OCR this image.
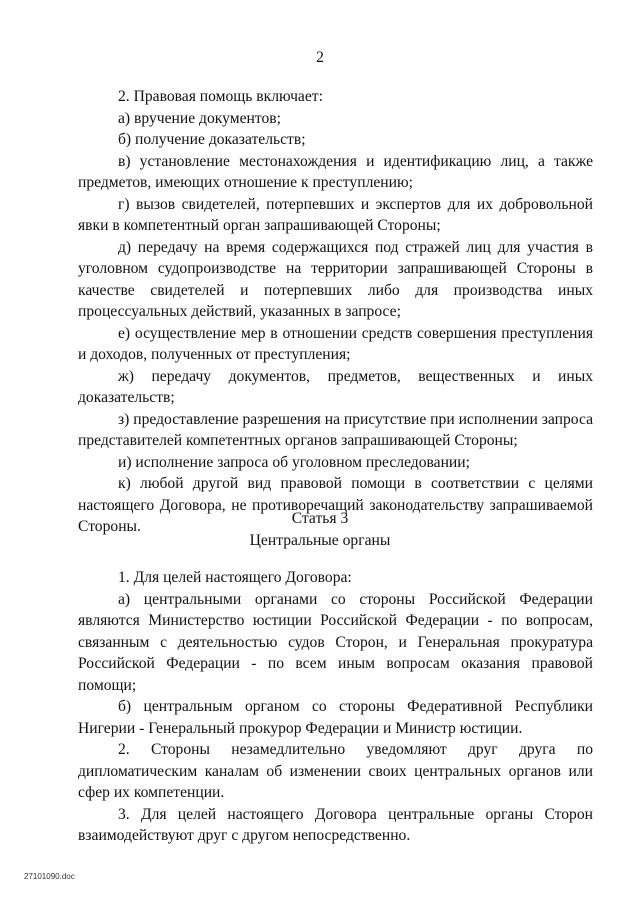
2

2. Правовая помощь включает:

а) вручение документов;

б) получение доказательств;

в) установление местонахождения и идентификацию лиц, а также предметов, имеющих отношение к преступлению;

г) вызов свидетелей, потерпевших и экспертов для их добровольной явки в компетентный орган запрашивающей Стороны;

д) передачу на время содержащихся под стражей лиц для участия в уголовном судопроизводстве на территории запрашивающей Стороны в качестве свидетелей и потерпевших либо для производства иных процессуальных действий, указанных в запросе;

е) осуществление мер в отношении средств совершения преступления и доходов, полученных от преступления;

ж) передачу документов, предметов, вещественных и иных доказательств;

з) предоставление разрешения на присутствие при исполнении запроса представителей компетентных органов запрашивающей Стороны;

и) исполнение запроса об уголовном преследовании;

к) любой другой вид правовой помощи в соответствии с целями настоящего Договора, не противоречащий законодательству запрашиваемой Стороны.	Статья 3
Центральные органы

1. Для целей настоящего Договора:

а) центральными органами со стороны Российской Федерации являются Министерство юстиции Российской Федерации - по вопросам, связанным с деятельностью судов Сторон, и Генеральная прокуратура Российской Федерации - по всем иным вопросам оказания правовой помощи;

б) центральным органом со стороны Федеративной Республики Нигерии - Генеральный прокурор Федерации и Министр юстиции.

2. Стороны незамедлительно уведомляют друг друга по дипломатическим каналам об изменении своих центральных органов или сфер их компетенции.

3. Для целей настоящего Договора центральные органы Сторон взаимодействуют друг с другом непосредственно.

27101090.doc
